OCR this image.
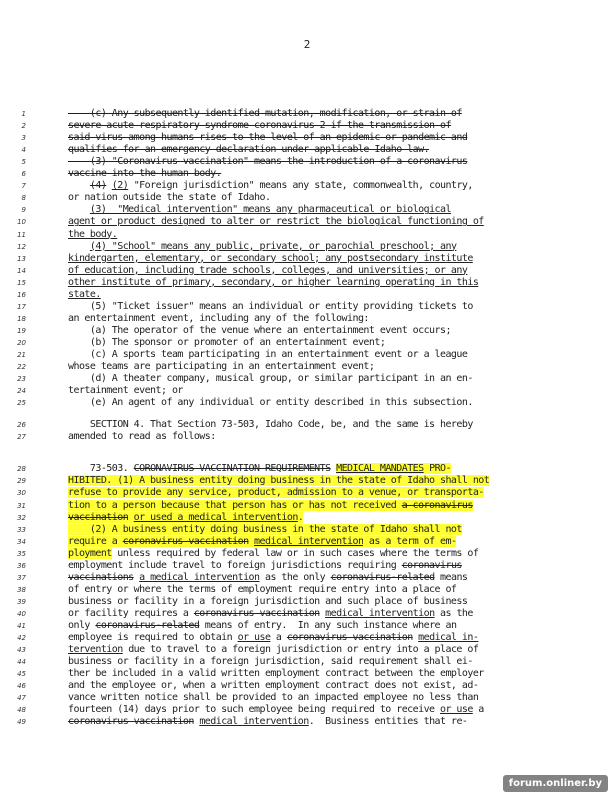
2
1	(c) Any subsequently identified mutation, modification, or strain of
2	severe acute respiratory syndrome coronavirus 2 if the transmission of
3	said virus among humans rises to the level of an epidemic or pandemic and
4	qualifies for an emergency declaration under applicable Idaho law.
5	(3) "Coronavirus vaccination" means the introduction of a coronavirus
6	vaccine into the human body.
7	(4) (2) "Foreign jurisdiction" means any state, commonwealth, country,
8	or nation outside the state of Idaho.
9	(3)  "Medical intervention" means any pharmaceutical or biological
10	agent or product designed to alter or restrict the biological functioning of
11	the body.
12	(4) "School" means any public, private, or parochial preschool; any
13	kindergarten, elementary, or secondary school; any postsecondary institute
14	of education, including trade schools, colleges, and universities; or any
15	other institute of primary, secondary, or higher learning operating in this
16	state.
17	(5) "Ticket issuer" means an individual or entity providing tickets to
18	an entertainment event, including any of the following:
19	(a) The operator of the venue where an entertainment event occurs;
20	(b) The sponsor or promoter of an entertainment event;
21	(c) A sports team participating in an entertainment event or a league
22	whose teams are participating in an entertainment event;
23	(d) A theater company, musical group, or similar participant in an en-
24	tertainment event; or
25	(e) An agent of any individual or entity described in this subsection.
26	SECTION 4. That Section 73-503, Idaho Code, be, and the same is hereby
27	amended to read as follows:
28	73-503. CORONAVIRUS VACCINATION REQUIREMENTS MEDICAL MANDATES PRO-
29	HIBITED. (1) A business entity doing business in the state of Idaho shall not
30	refuse to provide any service, product, admission to a venue, or transporta-
31	tion to a person because that person has or has not received a coronavirus
32	vaccination or used a medical intervention.
33	(2) A business entity doing business in the state of Idaho shall not
34	require a coronavirus vaccination medical intervention as a term of em-
35	ployment unless required by federal law or in such cases where the terms of
36	employment include travel to foreign jurisdictions requiring coronavirus
37	vaccinations a medical intervention as the only coronavirus-related means
38	of entry or where the terms of employment require entry into a place of
39	business or facility in a foreign jurisdiction and such place of business
40	or facility requires a coronavirus vaccination medical intervention as the
41	only coronavirus-related means of entry.  In any such instance where an
42	employee is required to obtain or use a coronavirus vaccination medical in-
43	tervention due to travel to a foreign jurisdiction or entry into a place of
44	business or facility in a foreign jurisdiction, said requirement shall ei-
45	ther be included in a valid written employment contract between the employer
46	and the employee or, when a written employment contract does not exist, ad-
47	vance written notice shall be provided to an impacted employee no less than
48	fourteen (14) days prior to such employee being required to receive or use a
49	coronavirus vaccination medical intervention.  Business entities that re-
forum.onliner.by
